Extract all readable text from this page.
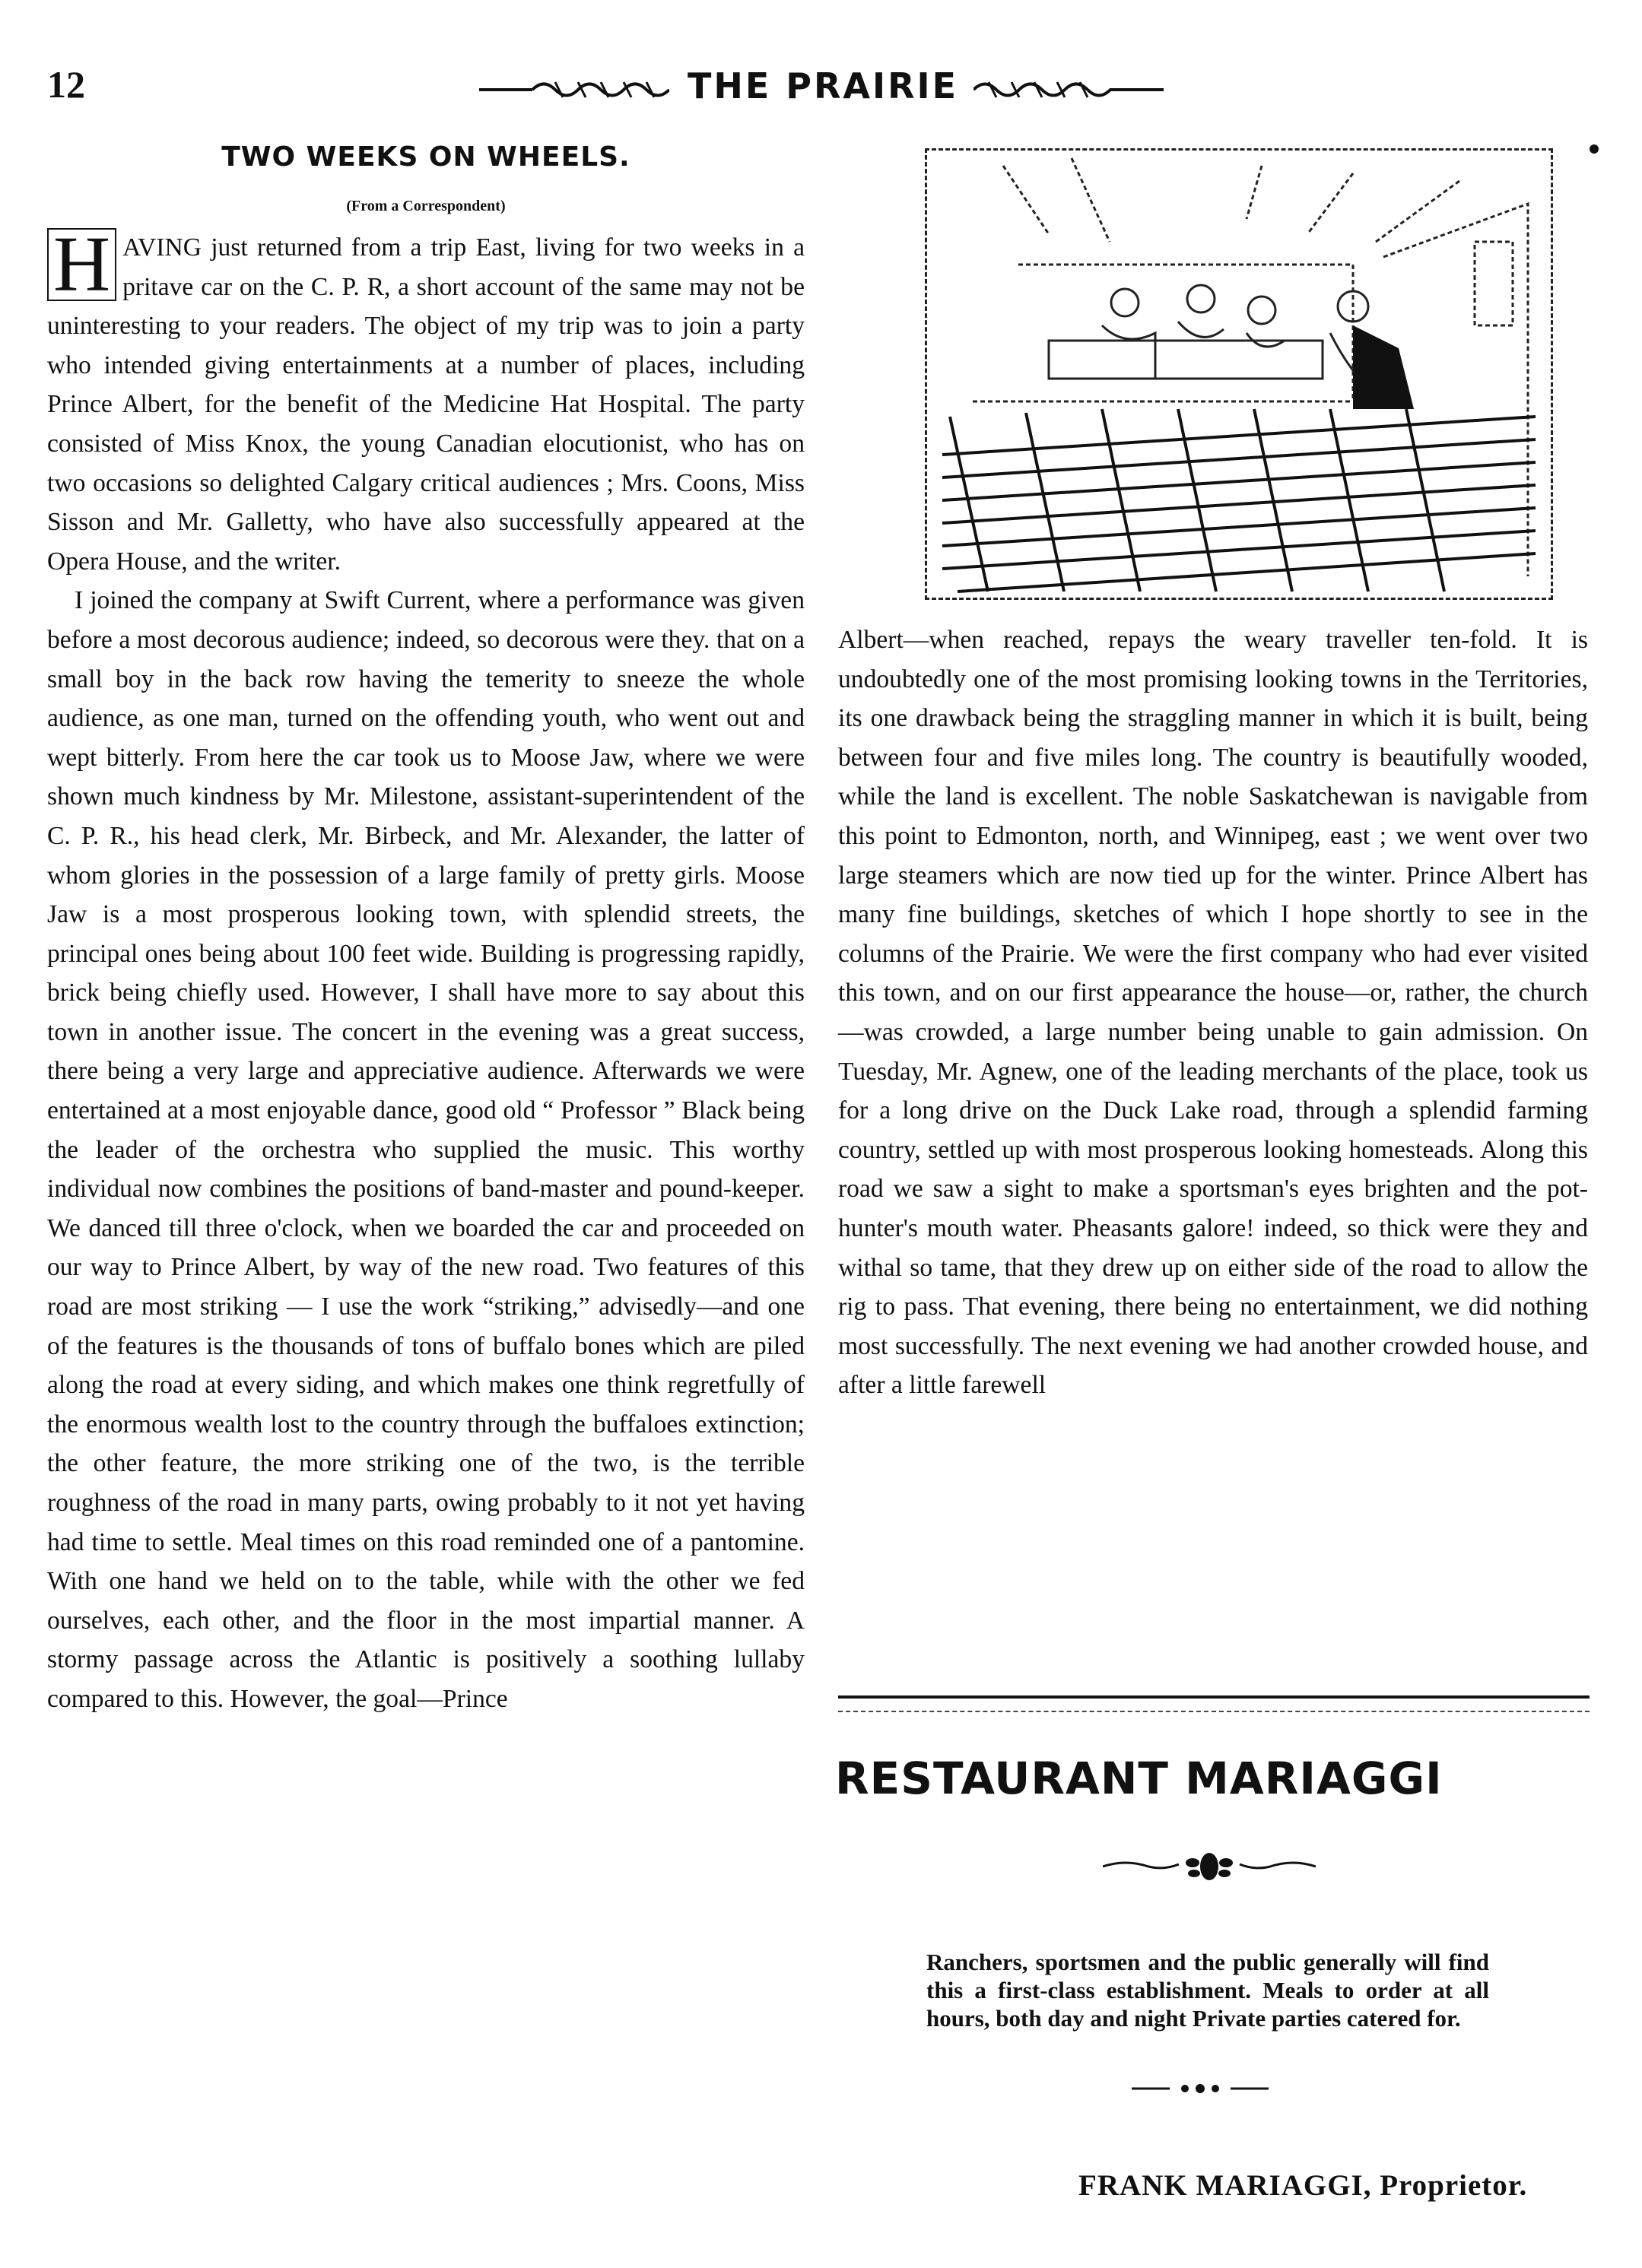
12	THE PRAIRIE
TWO WEEKS ON WHEELS.
(From a Correspondent)

H AVING just returned from a trip East, living for two weeks in a pritave car on the C. P. R, a short account of the same may not be uninteresting to your readers. The object of my trip was to join a party who intended giving entertainments at a number of places, including Prince Albert, for the benefit of the Medicine Hat Hospital. The party consisted of Miss Knox, the young Canadian elocutionist, who has on two occasions so delighted Calgary critical audiences ; Mrs. Coons, Miss Sisson and Mr. Galletty, who have also successfully appeared at the Opera House, and the writer.

I joined the company at Swift Current, where a performance was given before a most decorous audience; indeed, so decorous were they. that on a small boy in the back row having the temerity to sneeze the whole audience, as one man, turned on the offending youth, who went out and wept bitterly. From here the car took us to Moose Jaw, where we were shown much kindness by Mr. Milestone, assistant-superintendent of the C. P. R., his head clerk, Mr. Birbeck, and Mr. Alexander, the latter of whom glories in the possession of a large family of pretty girls. Moose Jaw is a most prosperous looking town, with splendid streets, the principal ones being about 100 feet wide. Building is progressing rapidly, brick being chiefly used. However, I shall have more to say about this town in another issue. The concert in the evening was a great success, there being a very large and appreciative audience. Afterwards we were entertained at a most enjoyable dance, good old “ Professor ” Black being the leader of the orchestra who supplied the music. This worthy individual now combines the positions of band-master and pound-keeper. We danced till three o'clock, when we boarded the car and proceeded on our way to Prince Albert, by way of the new road. Two features of this road are most striking — I use the work “striking,” advisedly—and one of the features is the thousands of tons of buffalo bones which are piled along the road at every siding, and which makes one think regretfully of the enormous wealth lost to the country through the buffaloes extinction; the other feature, the more striking one of the two, is the terrible roughness of the road in many parts, owing probably to it not yet having had time to settle. Meal times on this road reminded one of a pantomine. With one hand we held on to the table, while with the other we fed ourselves, each other, and the floor in the most impartial manner. A stormy passage across the Atlantic is positively a soothing lullaby compared to this. However, the goal—Prince

Albert—when reached, repays the weary traveller ten-fold. It is undoubtedly one of the most promising looking towns in the Territories, its one drawback being the straggling manner in which it is built, being between four and five miles long. The country is beautifully wooded, while the land is excellent. The noble Saskatchewan is navigable from this point to Edmonton, north, and Winnipeg, east ; we went over two large steamers which are now tied up for the winter. Prince Albert has many fine buildings, sketches of which I hope shortly to see in the columns of the Prairie. We were the first company who had ever visited this town, and on our first appearance the house—or, rather, the church—was crowded, a large number being unable to gain admission. On Tuesday, Mr. Agnew, one of the leading merchants of the place, took us for a long drive on the Duck Lake road, through a splendid farming country, settled up with most prosperous looking homesteads. Along this road we saw a sight to make a sportsman's eyes brighten and the pot-hunter's mouth water. Pheasants galore! indeed, so thick were they and withal so tame, that they drew up on either side of the road to allow the rig to pass. That evening, there being no entertainment, we did nothing most successfully. The next evening we had another crowded house, and after a little farewell

RESTAURANT MARIAGGI

Ranchers, sportsmen and the public generally will find this a first-class establishment. Meals to order at all hours, both day and night Private parties catered for.

FRANK MARIAGGI, Proprietor.
